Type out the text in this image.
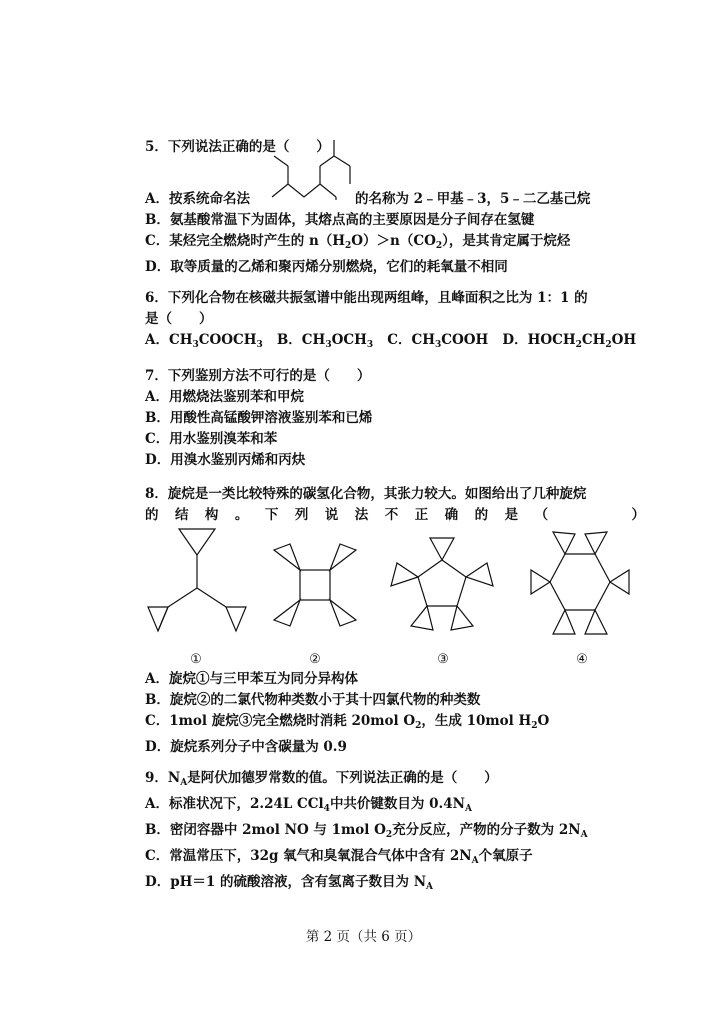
5．下列说法正确的是（　　）
A．按系统命名法	的名称为 2﹣甲基﹣3，5﹣二乙基己烷
B．氨基酸常温下为固体，其熔点高的主要原因是分子间存在氢键
C．某烃完全燃烧时产生的 $n(H_2O)>n(CO_2)$，是其肯定属于烷烃
D．取等质量的乙烯和聚丙烯分别燃烧，它们的耗氧量不相同
6．下列化合物在核磁共振氢谱中能出现两组峰，且峰面积之比为 1：1 的
是（　　）
A．$CH_3COOCH_3$ B．$CH_3OCH_3$ C．$CH_3COOH$ D．$HOCH_2CH_2OH$
7．下列鉴别方法不可行的是（　　）
A．用燃烧法鉴别苯和甲烷
B．用酸性高锰酸钾溶液鉴别苯和已烯
C．用水鉴别溴苯和苯
D．用溴水鉴别丙烯和丙炔
8．旋烷是一类比较特殊的碳氢化合物，其张力较大。如图给出了几种旋烷
的 结 构 。 下 列 说 法 不 正 确 的 是 （　　　　）
①	②	③	④
A．旋烷①与三甲苯互为同分异构体
B．旋烷②的二氯代物种类数小于其十四氯代物的种类数
C．1mol 旋烷③完全燃烧时消耗 20mol $O_2$，生成 10mol $H_2O$
D．旋烷系列分子中含碳量为 0.9
9．$N_A$是阿伏加德罗常数的值。下列说法正确的是（　　）
A．标准状况下，2.24L CCl$_4$中共价键数目为 $0.4N_A$
B．密闭容器中 2mol NO 与 1mol $O_2$充分反应，产物的分子数为 $2N_A$
C．常温常压下，32g 氧气和臭氧混合气体中含有 $2N_A$个氧原子
D．pH＝1 的硫酸溶液，含有氢离子数目为 $N_A$
第 2 页（共 6 页）
